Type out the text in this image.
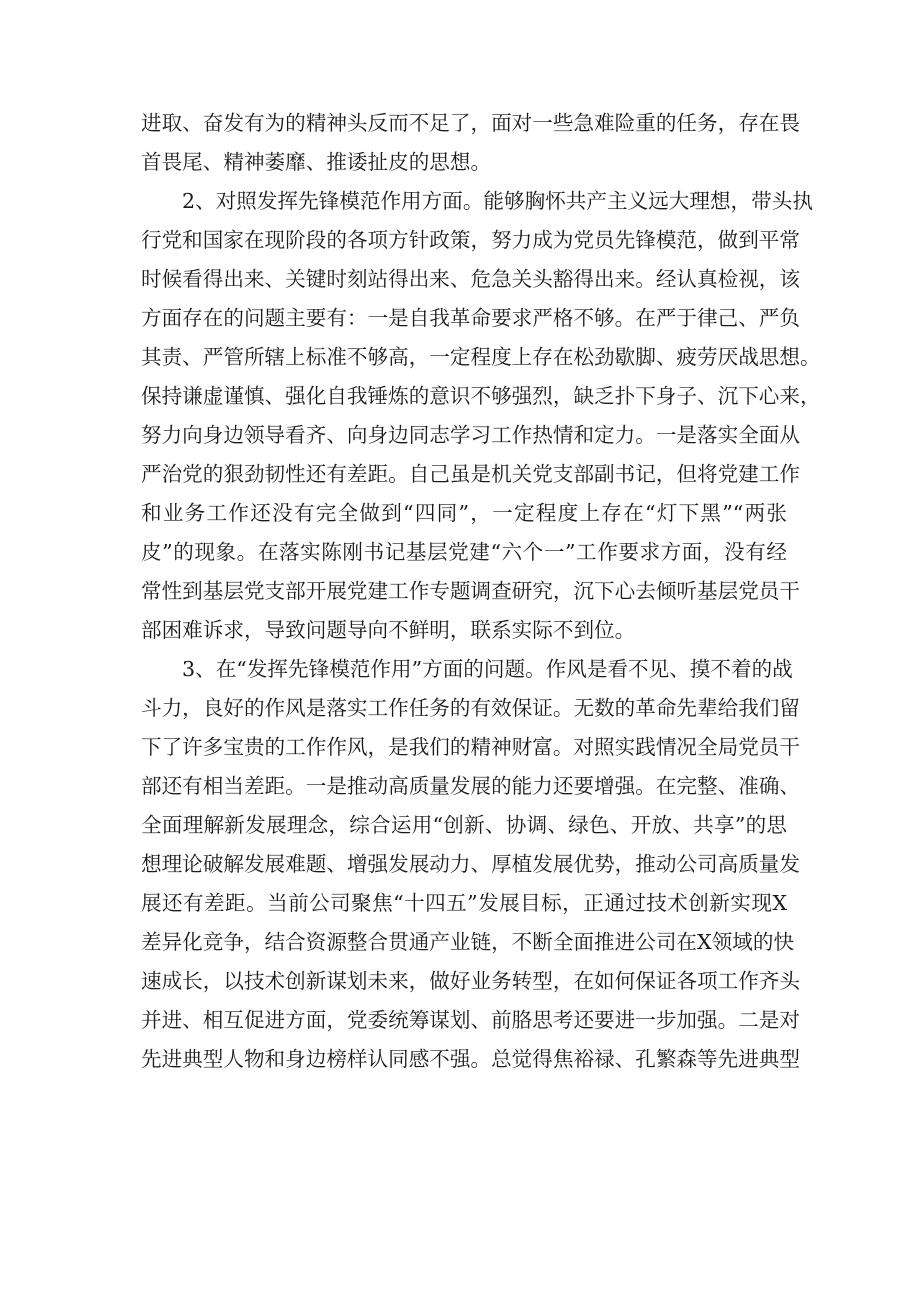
进取、奋发有为的精神头反而不足了，面对一些急难险重的任务，存在畏
首畏尾、精神萎靡、推诿扯皮的思想。
2、对照发挥先锋模范作用方面。能够胸怀共产主义远大理想，带头执
行党和国家在现阶段的各项方针政策，努力成为党员先锋模范，做到平常
时候看得出来、关键时刻站得出来、危急关头豁得出来。经认真检视，该
方面存在的问题主要有：一是自我革命要求严格不够。在严于律己、严负
其责、严管所辖上标准不够高，一定程度上存在松劲歇脚、疲劳厌战思想。
保持谦虚谨慎、强化自我锤炼的意识不够强烈，缺乏扑下身子、沉下心来，
努力向身边领导看齐、向身边同志学习工作热情和定力。一是落实全面从
严治党的狠劲韧性还有差距。自己虽是机关党支部副书记，但将党建工作
和业务工作还没有完全做到“四同”，一定程度上存在“灯下黑”“两张
皮”的现象。在落实陈刚书记基层党建“六个一”工作要求方面，没有经
常性到基层党支部开展党建工作专题调查研究，沉下心去倾听基层党员干
部困难诉求，导致问题导向不鲜明，联系实际不到位。
3、在“发挥先锋模范作用”方面的问题。作风是看不见、摸不着的战
斗力，良好的作风是落实工作任务的有效保证。无数的革命先辈给我们留
下了许多宝贵的工作作风，是我们的精神财富。对照实践情况全局党员干
部还有相当差距。一是推动高质量发展的能力还要增强。在完整、准确、
全面理解新发展理念，综合运用“创新、协调、绿色、开放、共享”的思
想理论破解发展难题、增强发展动力、厚植发展优势，推动公司高质量发
展还有差距。当前公司聚焦“十四五”发展目标，正通过技术创新实现X
差异化竞争，结合资源整合贯通产业链，不断全面推进公司在X领域的快
速成长，以技术创新谋划未来，做好业务转型，在如何保证各项工作齐头
并进、相互促进方面，党委统筹谋划、前胳思考还要进一步加强。二是对
先进典型人物和身边榜样认同感不强。总觉得焦裕禄、孔繁森等先进典型
